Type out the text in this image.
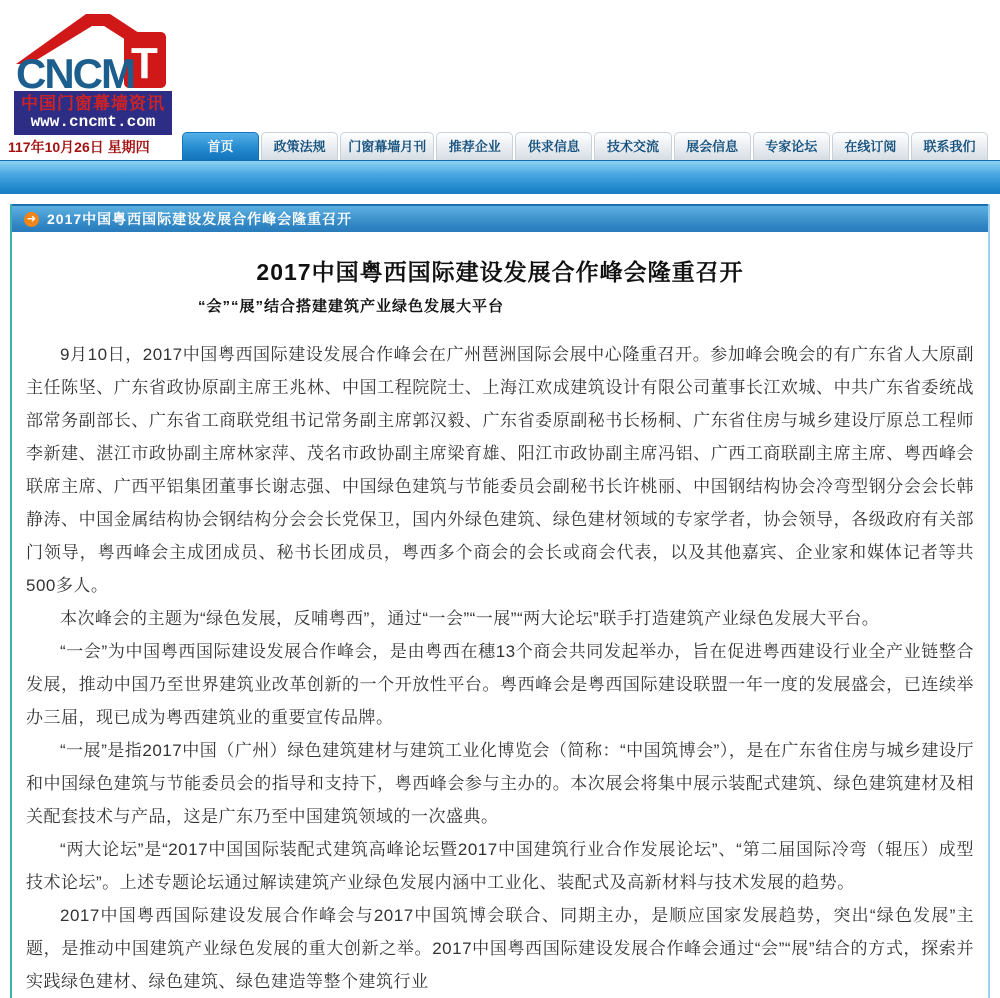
T
CNCM
中国门窗幕墙资讯
www.cncmt.com
117年10月26日 星期四	首页	政策法规	门窗幕墙月刊	推荐企业	供求信息	技术交流	展会信息	专家论坛	在线订阅	联系我们
➜ 2017中国粤西国际建设发展合作峰会隆重召开
2017中国粤西国际建设发展合作峰会隆重召开
“会”“展”结合搭建建筑产业绿色发展大平台

9月10日，2017中国粤西国际建设发展合作峰会在广州琶洲国际会展中心隆重召开。参加峰会晚会的有广东省人大原副主任陈坚、广东省政协原副主席王兆林、中国工程院院士、上海江欢成建筑设计有限公司董事长江欢城、中共广东省委统战部常务副部长、广东省工商联党组书记常务副主席郭汉毅、广东省委原副秘书长杨桐、广东省住房与城乡建设厅原总工程师李新建、湛江市政协副主席林家萍、茂名市政协副主席梁育雄、阳江市政协副主席冯铝、广西工商联副主席主席、粤西峰会联席主席、广西平铝集团董事长谢志强、中国绿色建筑与节能委员会副秘书长许桃丽、中国钢结构协会冷弯型钢分会会长韩静涛、中国金属结构协会钢结构分会会长党保卫，国内外绿色建筑、绿色建材领域的专家学者，协会领导，各级政府有关部门领导，粤西峰会主成团成员、秘书长团成员，粤西多个商会的会长或商会代表，以及其他嘉宾、企业家和媒体记者等共500多人。

本次峰会的主题为“绿色发展，反哺粤西”，通过“一会”“一展”“两大论坛”联手打造建筑产业绿色发展大平台。

“一会”为中国粤西国际建设发展合作峰会，是由粤西在穗13个商会共同发起举办，旨在促进粤西建设行业全产业链整合发展，推动中国乃至世界建筑业改革创新的一个开放性平台。粤西峰会是粤西国际建设联盟一年一度的发展盛会，已连续举办三届，现已成为粤西建筑业的重要宣传品牌。

“一展”是指2017中国（广州）绿色建筑建材与建筑工业化博览会（简称：“中国筑博会”），是在广东省住房与城乡建设厅和中国绿色建筑与节能委员会的指导和支持下，粤西峰会参与主办的。本次展会将集中展示装配式建筑、绿色建筑建材及相关配套技术与产品，这是广东乃至中国建筑领域的一次盛典。

“两大论坛”是“2017中国国际装配式建筑高峰论坛暨2017中国建筑行业合作发展论坛”、“第二届国际冷弯（辊压）成型技术论坛”。上述专题论坛通过解读建筑产业绿色发展内涵中工业化、装配式及高新材料与技术发展的趋势。

2017中国粤西国际建设发展合作峰会与2017中国筑博会联合、同期主办，是顺应国家发展趋势，突出“绿色发展”主题，是推动中国建筑产业绿色发展的重大创新之举。2017中国粤西国际建设发展合作峰会通过“会”“展”结合的方式，探索并实践绿色建材、绿色建筑、绿色建造等整个建筑行业
